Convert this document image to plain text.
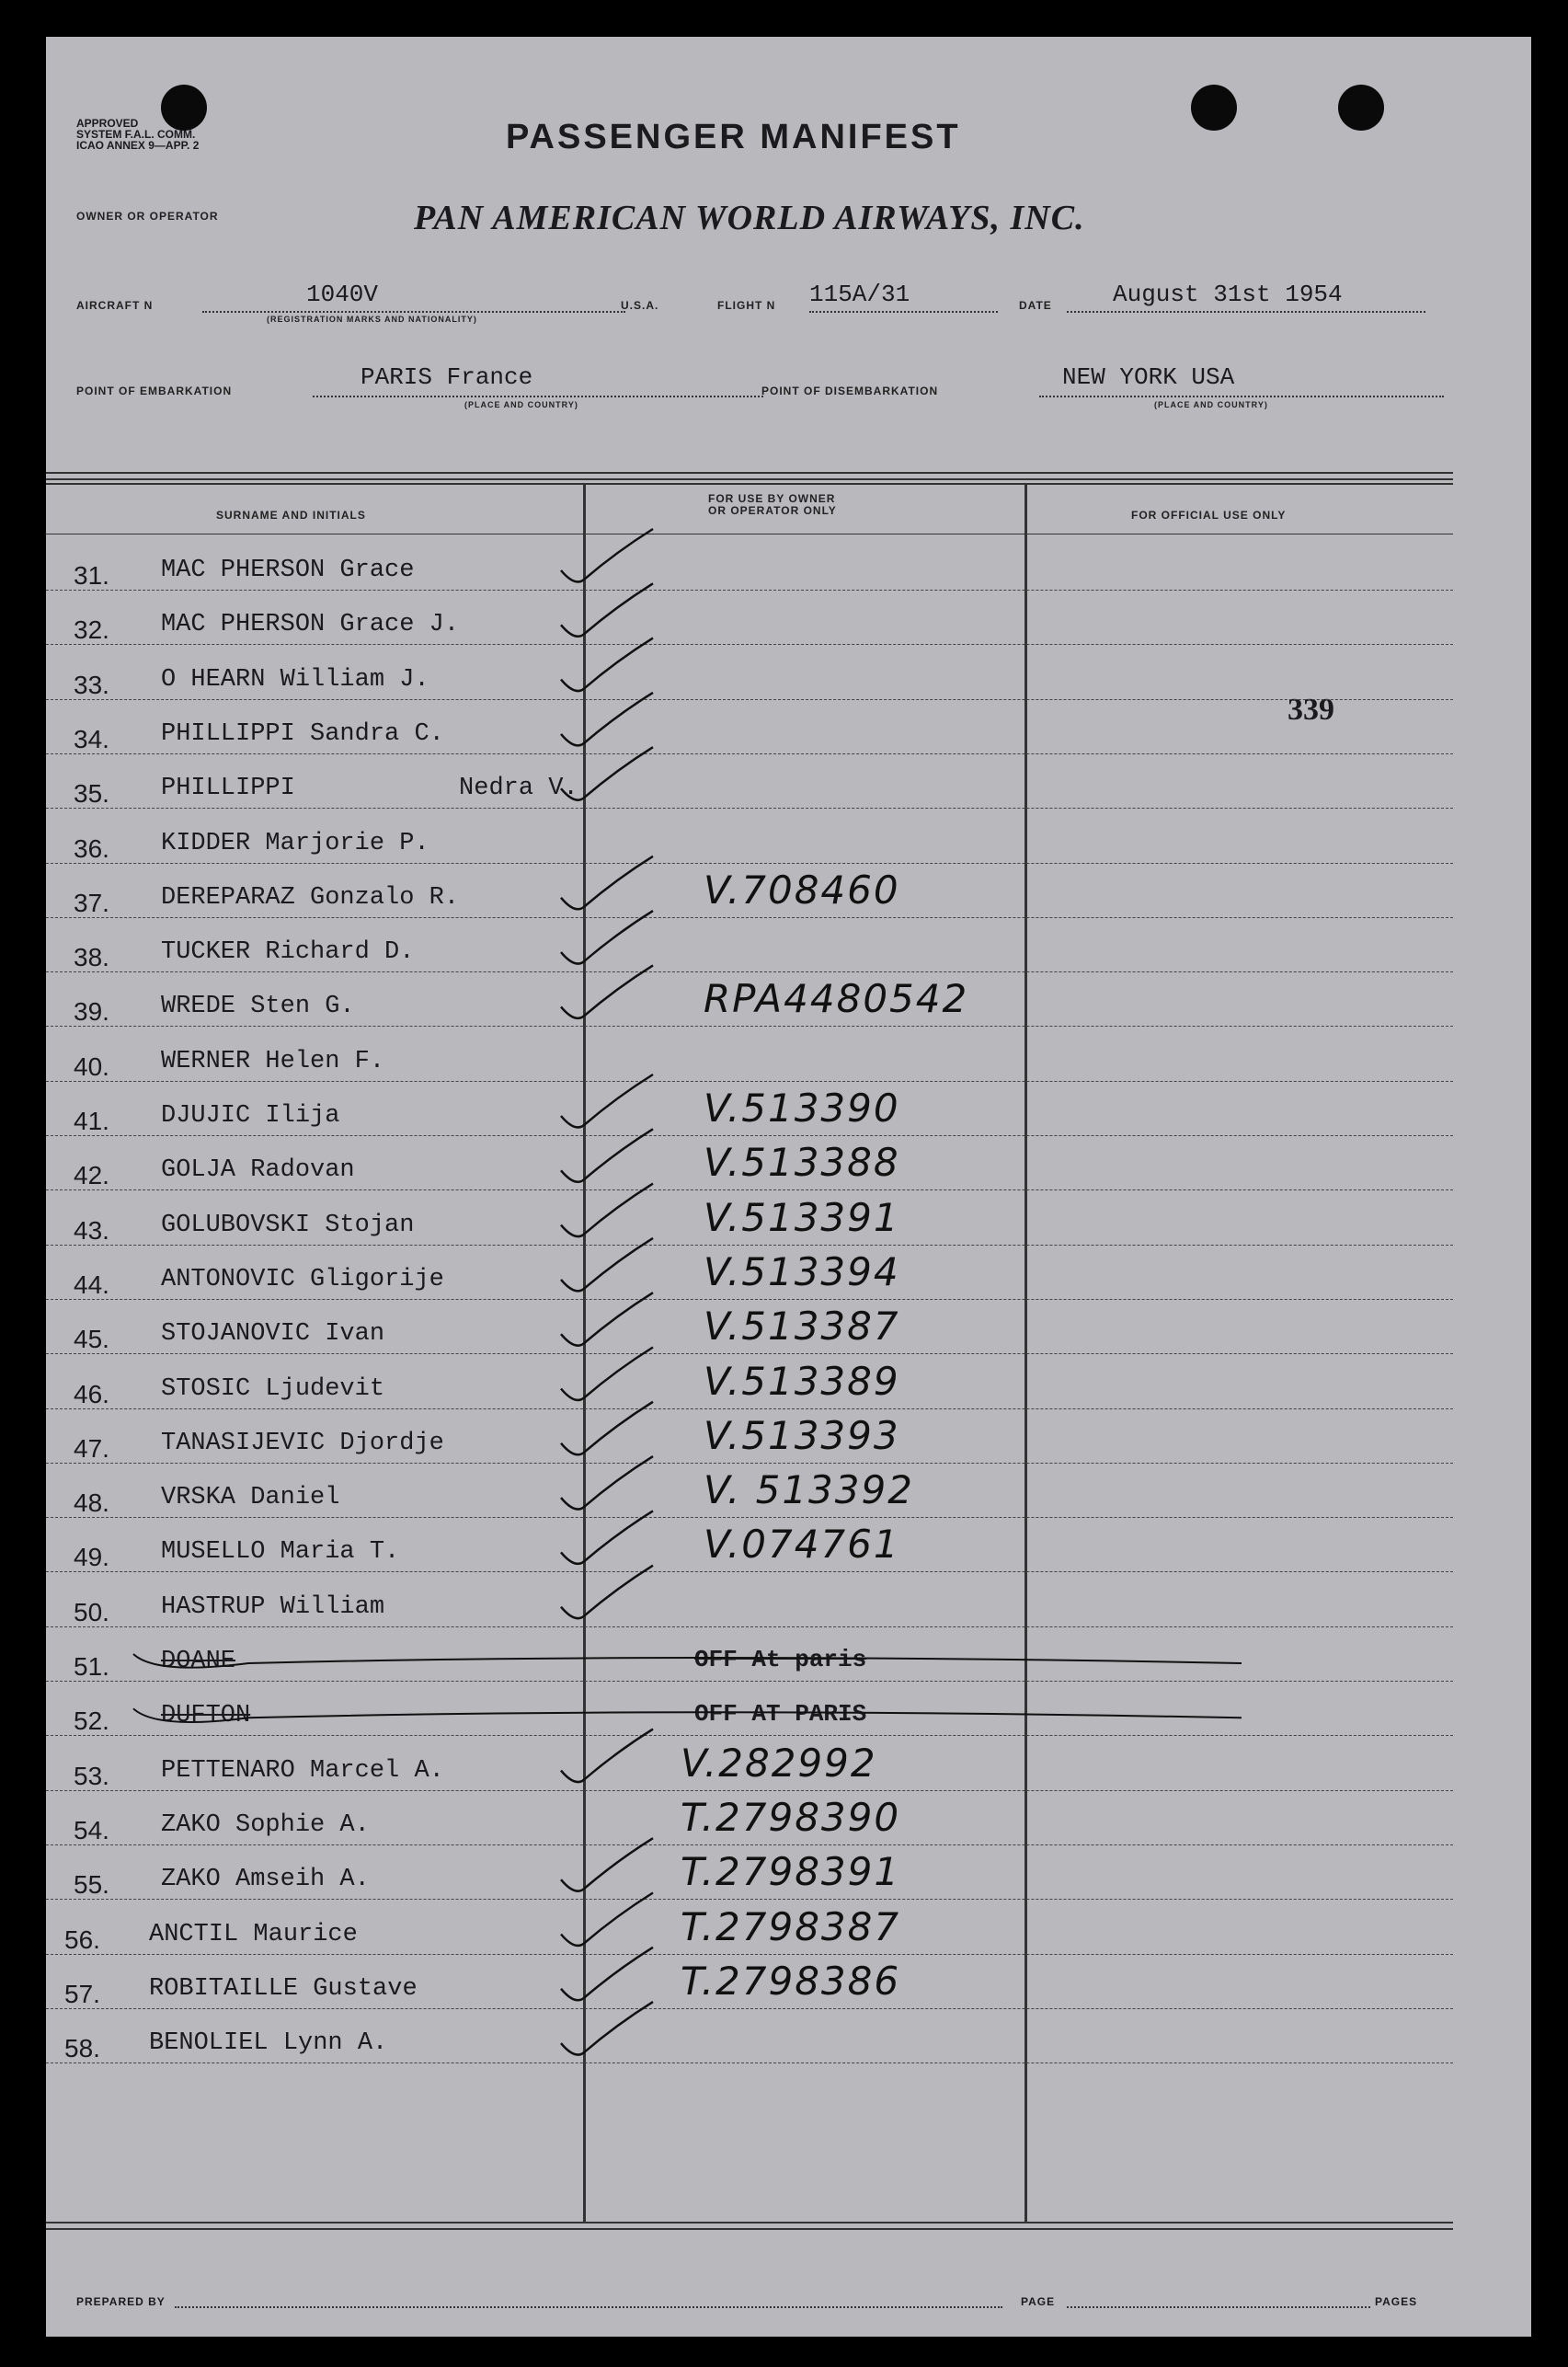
APPROVED
SYSTEM F.A.L. COMM.
ICAO ANNEX 9—APP. 2	PASSENGER MANIFEST
OWNER OR OPERATOR	PAN AMERICAN WORLD AIRWAYS, INC.
AIRCRAFT N	1040V
(REGISTRATION MARKS AND NATIONALITY)
U.S.A.	FLIGHT N 115A/31	DATE	August 31st 1954
POINT OF EMBARKATION	PARIS France
(PLACE AND COUNTRY)
POINT OF DISEMBARKATION	NEW YORK USA
(PLACE AND COUNTRY)
SURNAME AND INITIALS
FOR USE BY OWNER
OR OPERATOR ONLY	FOR OFFICIAL USE ONLY
339
31. MAC PHERSON Grace
32. MAC PHERSON Grace J.
33. O HEARN William J.
34. PHILLIPPI Sandra C.
35. PHILLIPPI           Nedra V.
36. KIDDER Marjorie P.
37. DEREPARAZ Gonzalo R.	V.708460
38. TUCKER Richard D.
39. WREDE Sten G.	RPA4480542
40. WERNER Helen F.
41. DJUJIC Ilija	V.513390
42. GOLJA Radovan	V.513388
43. GOLUBOVSKI Stojan	V.513391
44. ANTONOVIC Gligorije	V.513394
45. STOJANOVIC Ivan	V.513387
46. STOSIC Ljudevit	V.513389
47. TANASIJEVIC Djordje	V.513393
48. VRSKA Daniel	V. 513392
49. MUSELLO Maria T.	V.074761
50. HASTRUP William
51. DOANE	OFF At paris
52. DUFTON	OFF AT PARIS
53. PETTENARO Marcel A.	V.282992
54. ZAKO Sophie A.	T.2798390
55. ZAKO Amseih A.	T.2798391
56. ANCTIL Maurice	T.2798387
57. ROBITAILLE Gustave	T.2798386
58. BENOLIEL Lynn A.
PREPARED BY	PAGE	PAGES
